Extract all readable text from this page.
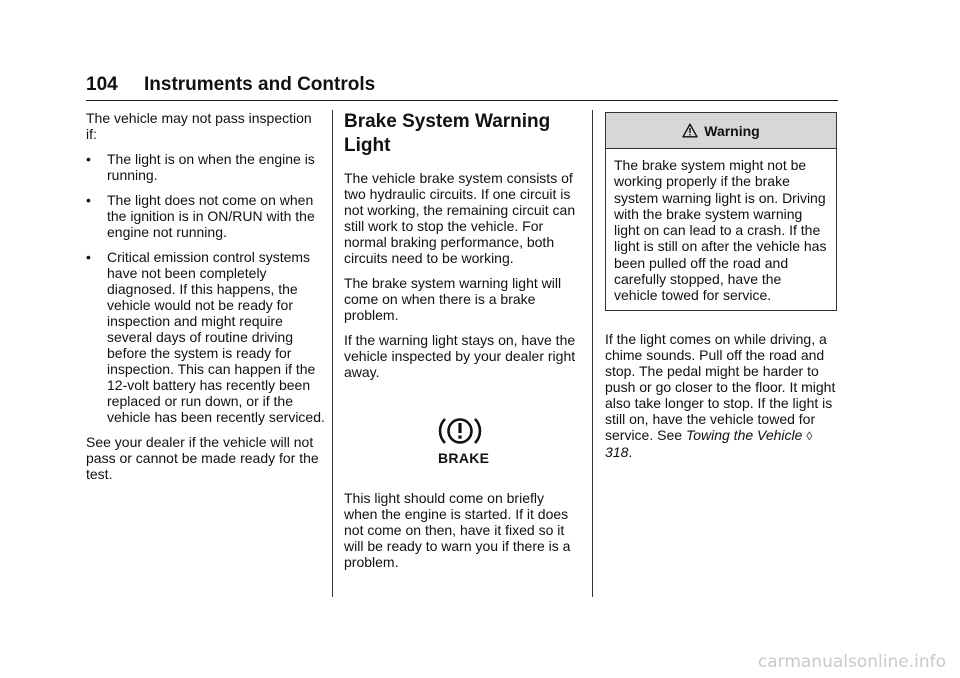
104 Instruments and Controls

The vehicle may not pass inspection if:

•	The light is on when the engine is running.
•	The light does not come on when the ignition is in ON/RUN with the engine not running.
•	Critical emission control systems have not been completely diagnosed. If this happens, the vehicle would not be ready for inspection and might require several days of routine driving before the system is ready for inspection. This can happen if the 12-volt battery has recently been replaced or run down, or if the vehicle has been recently serviced.

See your dealer if the vehicle will not pass or cannot be made ready for the test.

Brake System Warning Light

The vehicle brake system consists of two hydraulic circuits. If one circuit is not working, the remaining circuit can still work to stop the vehicle. For normal braking performance, both circuits need to be working.

The brake system warning light will come on when there is a brake problem.

If the warning light stays on, have the vehicle inspected by your dealer right away.

BRAKE

This light should come on briefly when the engine is started. If it does not come on then, have it fixed so it will be ready to warn you if there is a problem.

Warning
The brake system might not be working properly if the brake system warning light is on. Driving with the brake system warning light on can lead to a crash. If the light is still on after the vehicle has been pulled off the road and carefully stopped, have the vehicle towed for service.

If the light comes on while driving, a chime sounds. Pull off the road and stop. The pedal might be harder to push or go closer to the floor. It might also take longer to stop. If the light is still on, have the vehicle towed for service. See Towing the Vehicle ◊ 318.

carmanualsonline.info
